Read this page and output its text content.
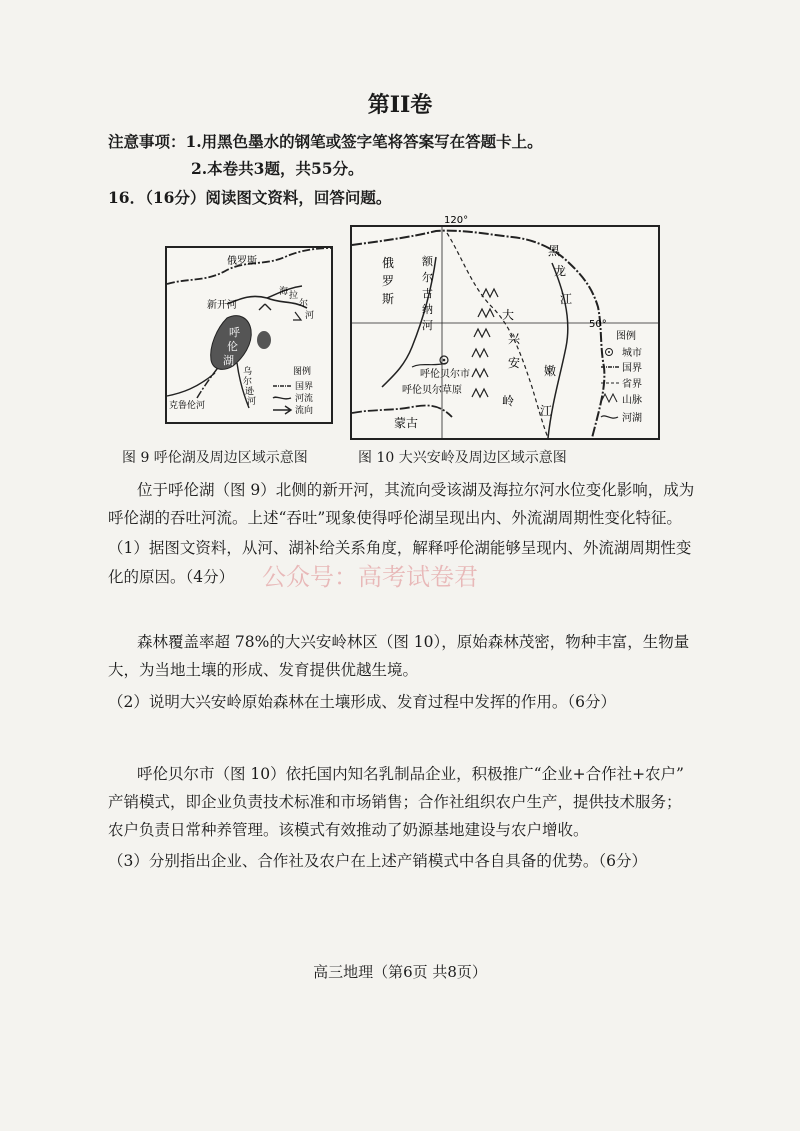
第II卷
注意事项：1.用黑色墨水的钢笔或签字笔将答案写在答题卡上。
2.本卷共3题，共55分。
16．（16分）阅读图文资料，回答问题。
俄罗斯
新开河
海 拉
尔
河
呼
伦
湖
乌
尔
逊
河
克鲁伦河
图例
国界
河流
流向
120°
50°
俄
罗
斯
额
尔
古
纳
河
黑
龙
江
大
兴
安
岭
嫩
江
呼伦贝尔市
呼伦贝尔草原
蒙古
图例
城市
国界
省界
山脉
河湖
图 9 呼伦湖及周边区域示意图	图 10 大兴安岭及周边区域示意图
位于呼伦湖（图 9）北侧的新开河，其流向受该湖及海拉尔河水位变化影响，成为
呼伦湖的吞吐河流。上述“吞吐”现象使得呼伦湖呈现出内、外流湖周期性变化特征。
（1）据图文资料，从河、湖补给关系角度，解释呼伦湖能够呈现内、外流湖周期性变
化的原因。（4分） 公众号：高考试卷君
森林覆盖率超 78%的大兴安岭林区（图 10），原始森林茂密，物种丰富，生物量
大，为当地土壤的形成、发育提供优越生境。
（2）说明大兴安岭原始森林在土壤形成、发育过程中发挥的作用。（6分）
呼伦贝尔市（图 10）依托国内知名乳制品企业，积极推广“企业+合作社+农户”
产销模式，即企业负责技术标准和市场销售；合作社组织农户生产，提供技术服务；
农户负责日常种养管理。该模式有效推动了奶源基地建设与农户增收。
（3）分别指出企业、合作社及农户在上述产销模式中各自具备的优势。（6分）
高三地理（第6页 共8页）
